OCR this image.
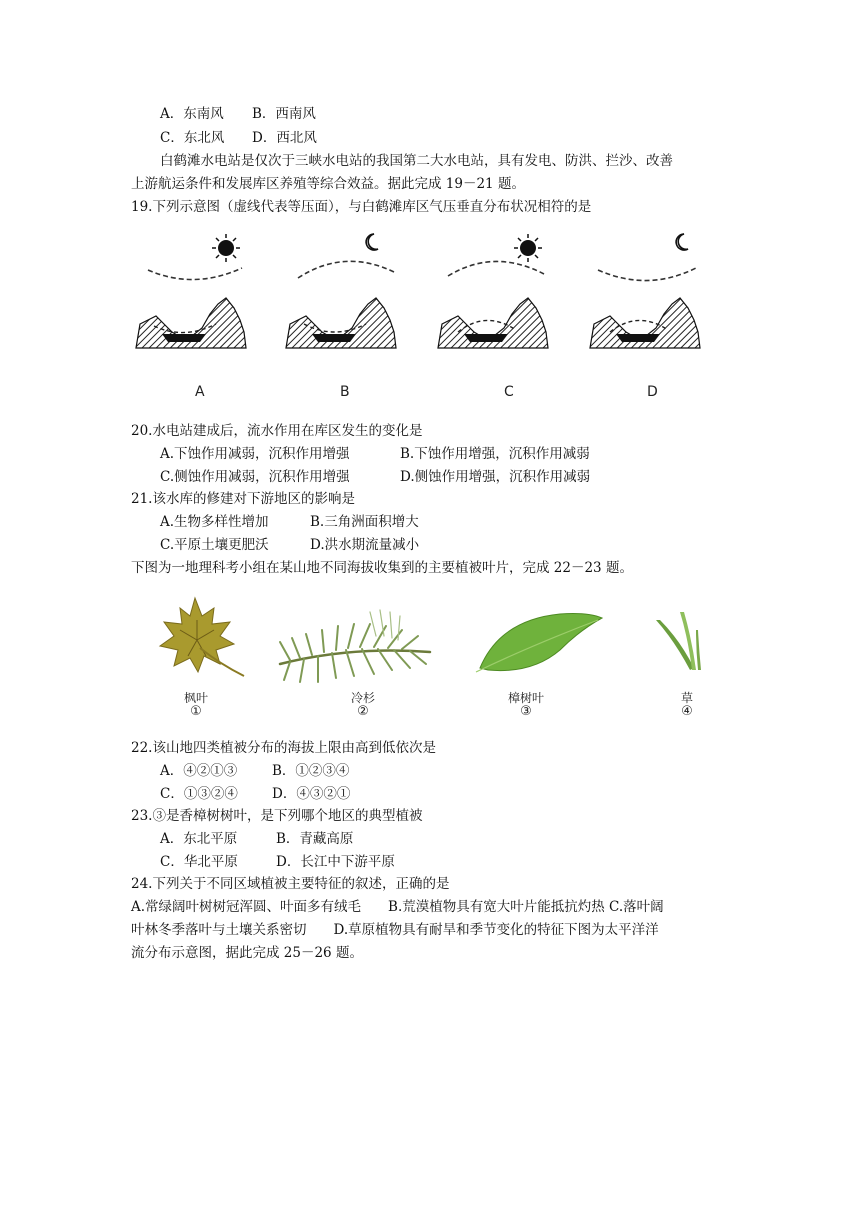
A．东南风 B．西南风
C．东北风 D．西北风
白鹤滩水电站是仅次于三峡水电站的我国第二大水电站，具有发电、防洪、拦沙、改善
上游航运条件和发展库区养殖等综合效益。据此完成 19－21 题。
19.下列示意图（虚线代表等压面），与白鹤滩库区气压垂直分布状况相符的是
A	B	C	D
20.水电站建成后，流水作用在库区发生的变化是
A.下蚀作用减弱，沉积作用增强	B.下蚀作用增强，沉积作用减弱
C.侧蚀作用减弱，沉积作用增强	D.侧蚀作用增强，沉积作用减弱
21.该水库的修建对下游地区的影响是
A.生物多样性增加	B.三角洲面积增大
C.平原土壤更肥沃	D.洪水期流量减小
下图为一地理科考小组在某山地不同海拔收集到的主要植被叶片，完成 22－23 题。
枫叶
①
冷杉
②
樟树叶
③
草
④
22.该山地四类植被分布的海拔上限由高到低依次是
A．④②①③	B．①②③④
C．①③②④	D．④③②①
23.③是香樟树树叶，是下列哪个地区的典型植被
A．东北平原	B．青藏高原
C．华北平原	D．长江中下游平原
24.下列关于不同区域植被主要特征的叙述，正确的是
A.常绿阔叶树树冠浑圆、叶面多有绒毛　　B.荒漠植物具有宽大叶片能抵抗灼热 C.落叶阔
叶林冬季落叶与土壤关系密切　　D.草原植物具有耐旱和季节变化的特征下图为太平洋洋
流分布示意图，据此完成 25－26 题。
